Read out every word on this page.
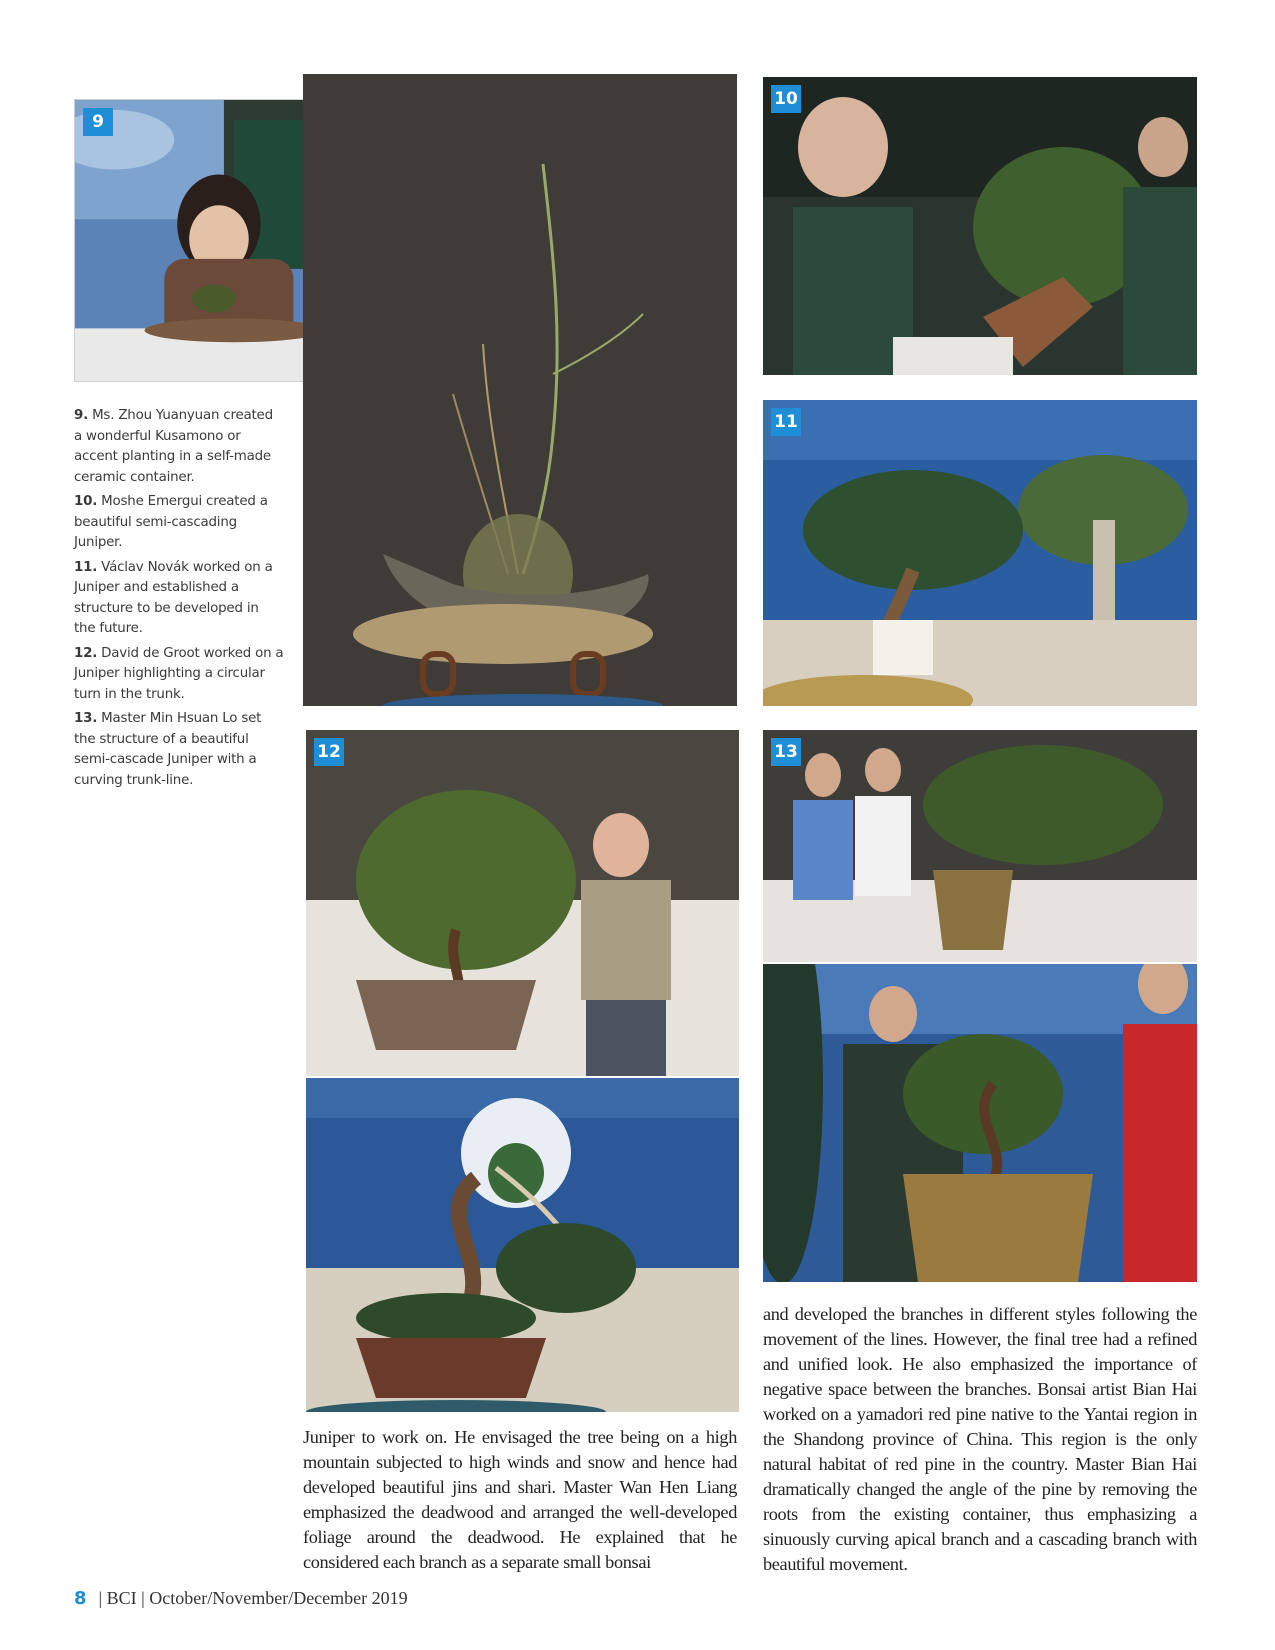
9
10
11
12	13

9. Ms. Zhou Yuanyuan created a wonderful Kusamono or accent planting in a self-made ceramic container.

10. Moshe Emergui created a beautiful semi-cascading Juniper.

11. Václav Novák worked on a Juniper and established a structure to be developed in the future.

12. David de Groot worked on a Juniper highlighting a circular turn in the trunk.

13. Master Min Hsuan Lo set the structure of a beautiful semi-cascade Juniper with a curving trunk-line.

Juniper to work on. He envisaged the tree being on a high mountain subjected to high winds and snow and hence had developed beautiful jins and shari. Master Wan Hen Liang emphasized the deadwood and arranged the well-developed foliage around the deadwood. He explained that he considered each branch as a separate small bonsai
and developed the branches in different styles following the movement of the lines. However, the final tree had a refined and unified look. He also emphasized the importance of negative space between the branches. Bonsai artist Bian Hai worked on a yamadori red pine native to the Yantai region in the Shandong province of China. This region is the only natural habitat of red pine in the country. Master Bian Hai dramatically changed the angle of the pine by removing the roots from the existing container, thus emphasizing a sinuously curving apical branch and a cascading branch with beautiful movement.
8 | BCI | October/November/December 2019
